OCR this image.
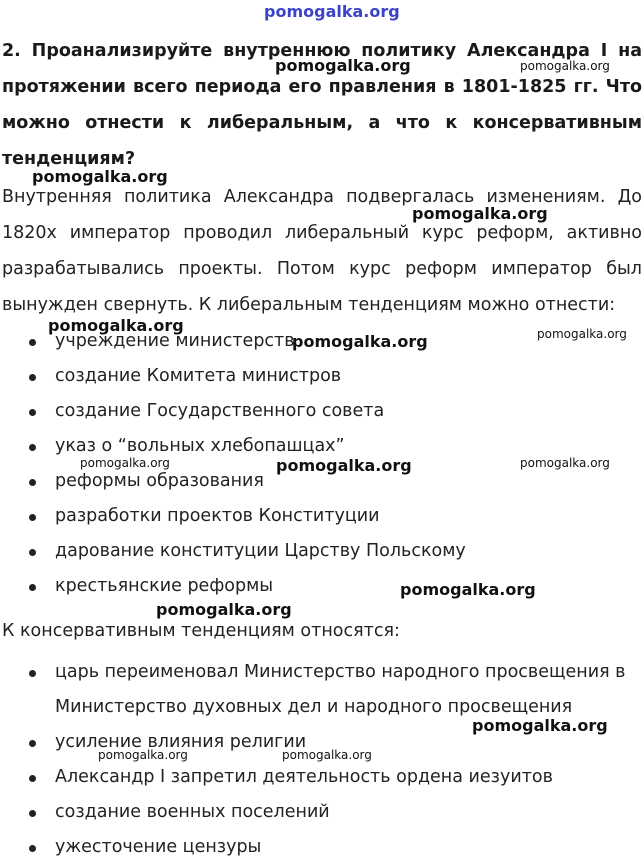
2. Проанализируйте внутреннюю политику Александра I на протяжении всего периода его правления в 1801-1825 гг. Что можно отнести к либеральным, а что к консервативным тенденциям?

Внутренняя политика Александра подвергалась изменениям. До 1820х император проводил либеральный курс реформ, активно разрабатывались проекты. Потом курс реформ император был вынужден свернуть. К либеральным тенденциям можно отнести:

учреждение министерств
создание Комитета министров
создание Государственного совета
указ о “вольных хлебопашцах”
реформы образования
разработки проектов Конституции
дарование конституции Царству Польскому
крестьянские реформы

К консервативным тенденциям относятся:

царь переименовал Министерство народного просвещения в Министерство духовных дел и народного просвещения
усиление влияния религии
Александр I запретил деятельность ордена иезуитов
создание военных поселений
ужесточение цензуры
pomogalka.org
pomogalka.org	pomogalka.org
pomogalka.org
pomogalka.org
pomogalka.org
pomogalka.org	pomogalka.org
pomogalka.org	pomogalka.org	pomogalka.org
pomogalka.org
pomogalka.org
pomogalka.org
pomogalka.org	pomogalka.org
